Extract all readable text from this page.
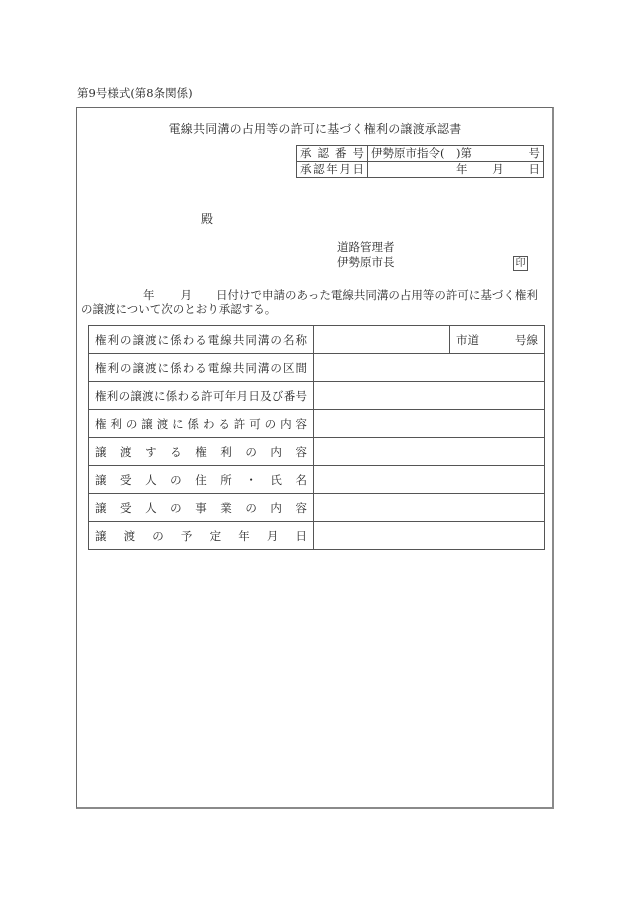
第9号様式(第8条関係)
電線共同溝の占用等の許可に基づく権利の譲渡承認書
承認番号	伊勢原市指令(　)第 号

承認年月日	年 月 日
殿
道路管理者
伊勢原市長	印
年 月 日付けで申請のあった電線共同溝の占用等の許可に基づく権利
の譲渡について次のとおり承認する。
権利の譲渡に係わる電線共同溝の名称		市道 号線

権利の譲渡に係わる電線共同溝の区間		
権利の譲渡に係わる許可年月日及び番号		
権利の譲渡に係わる許可の内容		
譲渡する権利の内容		
譲受人の住所・氏名		
譲受人の事業の内容		
譲渡の予定年月日		
